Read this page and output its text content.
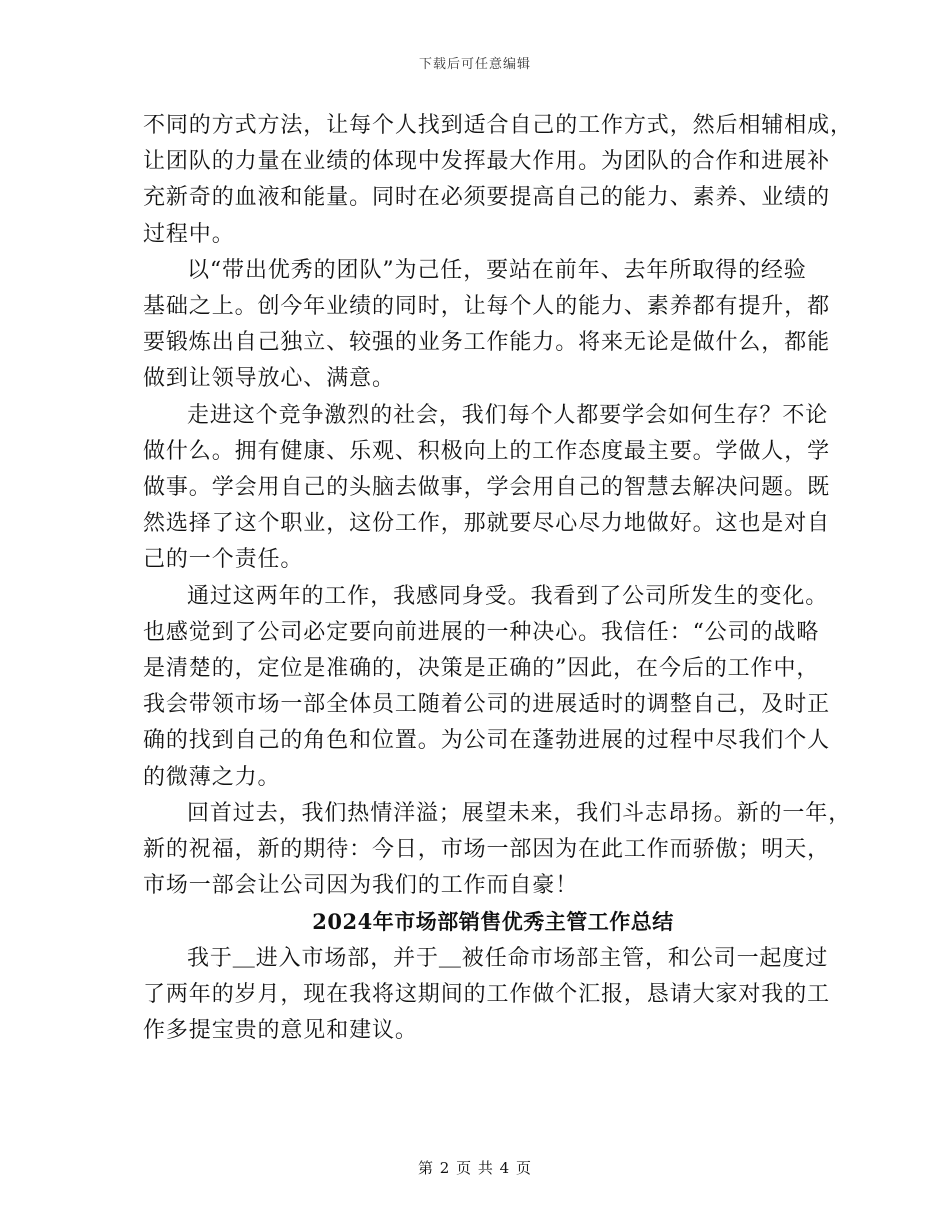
下载后可任意编辑

不同的方式方法，让每个人找到适合自己的工作方式，然后相辅相成，
让团队的力量在业绩的体现中发挥最大作用。为团队的合作和进展补
充新奇的血液和能量。同时在必须要提高自己的能力、素养、业绩的
过程中。

以“带出优秀的团队”为己任，要站在前年、去年所取得的经验
基础之上。创今年业绩的同时，让每个人的能力、素养都有提升，都
要锻炼出自己独立、较强的业务工作能力。将来无论是做什么，都能
做到让领导放心、满意。

走进这个竞争激烈的社会，我们每个人都要学会如何生存？不论
做什么。拥有健康、乐观、积极向上的工作态度最主要。学做人，学
做事。学会用自己的头脑去做事，学会用自己的智慧去解决问题。既
然选择了这个职业，这份工作，那就要尽心尽力地做好。这也是对自
己的一个责任。

通过这两年的工作，我感同身受。我看到了公司所发生的变化。
也感觉到了公司必定要向前进展的一种决心。我信任：“公司的战略
是清楚的，定位是准确的，决策是正确的”因此，在今后的工作中，
我会带领市场一部全体员工随着公司的进展适时的调整自己，及时正
确的找到自己的角色和位置。为公司在蓬勃进展的过程中尽我们个人
的微薄之力。

回首过去，我们热情洋溢；展望未来，我们斗志昂扬。新的一年，
新的祝福，新的期待：今日，市场一部因为在此工作而骄傲；明天，
市场一部会让公司因为我们的工作而自豪！

2024年市场部销售优秀主管工作总结

我于＿进入市场部，并于＿被任命市场部主管，和公司一起度过
了两年的岁月，现在我将这期间的工作做个汇报，恳请大家对我的工
作多提宝贵的意见和建议。

第 2 页 共 4 页
